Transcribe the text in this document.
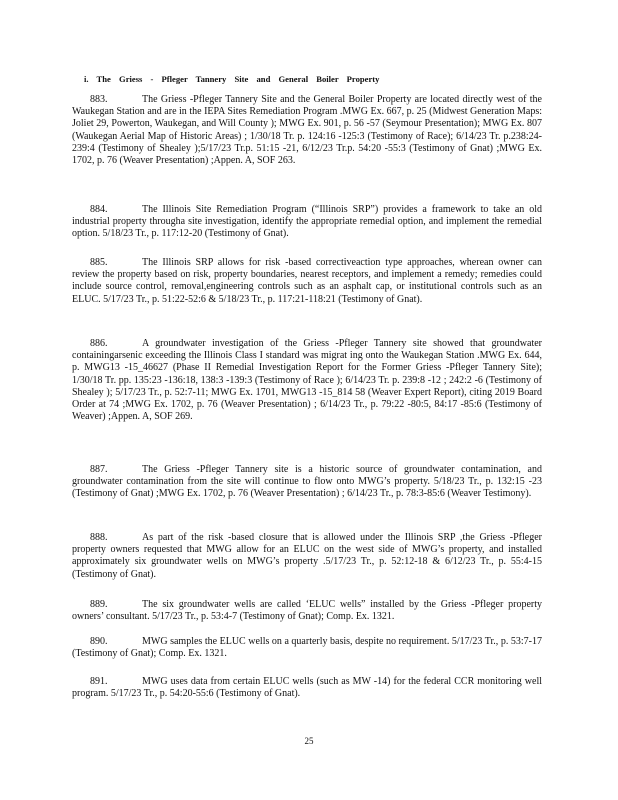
i. The Griess - Pfleger Tannery Site and General Boiler Property

883.	The Griess -Pfleger Tannery Site and the General Boiler Property are located directly west of the Waukegan Station and are in the IEPA Sites Remediation Program .MWG Ex. 667, p. 25 (Midwest Generation Maps: Joliet 29, Powerton, Waukegan, and Will County ); MWG Ex. 901, p. 56 -57 (Seymour Presentation); MWG Ex. 807 (Waukegan Aerial Map of Historic Areas) ; 1/30/18 Tr. p. 124:16 -125:3 (Testimony of Race); 6/14/23 Tr. p.238:24-239:4 (Testimony of Shealey );5/17/23 Tr.p. 51:15 -21, 6/12/23 Tr.p. 54:20 -55:3 (Testimony of Gnat) ;MWG Ex. 1702, p. 76 (Weaver Presentation) ;Appen. A, SOF 263.

884.	The Illinois Site Remediation Program (“Illinois SRP”) provides a framework to take an old industrial property througha site investigation, identify the appropriate remedial option, and implement the remedial option. 5/18/23 Tr., p. 117:12-20 (Testimony of Gnat).

885.	The Illinois SRP allows for risk -based correctiveaction type approaches, wherean owner can review the property based on risk, property boundaries, nearest receptors, and implement a remedy; remedies could include source control, removal,engineering controls such as an asphalt cap, or institutional controls such as an ELUC. 5/17/23 Tr., p. 51:22-52:6 & 5/18/23 Tr., p. 117:21-118:21 (Testimony of Gnat).

886.	A groundwater investigation of the Griess -Pfleger Tannery site showed that groundwater containingarsenic exceeding the Illinois Class I standard was migrat ing onto the Waukegan Station .MWG Ex. 644, p. MWG13 -15_46627 (Phase II Remedial Investigation Report for the Former Griess -Pfleger Tannery Site); 1/30/18 Tr. pp. 135:23 -136:18, 138:3 -139:3 (Testimony of Race ); 6/14/23 Tr. p. 239:8 -12 ; 242:2 -6 (Testimony of Shealey ); 5/17/23 Tr., p. 52:7-11; MWG Ex. 1701, MWG13 -15_814 58 (Weaver Expert Report), citing 2019 Board Order at 74 ;MWG Ex. 1702, p. 76 (Weaver Presentation) ; 6/14/23 Tr., p. 79:22 -80:5, 84:17 -85:6 (Testimony of Weaver) ;Appen. A, SOF 269.

887.	The Griess -Pfleger Tannery site is a historic source of groundwater contamination, and groundwater contamination from the site will continue to flow onto MWG’s property. 5/18/23 Tr., p. 132:15 -23 (Testimony of Gnat) ;MWG Ex. 1702, p. 76 (Weaver Presentation) ; 6/14/23 Tr., p. 78:3-85:6 (Weaver Testimony).

888.	As part of the risk -based closure that is allowed under the Illinois SRP ,the Griess -Pfleger property owners requested that MWG allow for an ELUC on the west side of MWG’s property, and installed approximately six groundwater wells on MWG’s property .5/17/23 Tr., p. 52:12-18 & 6/12/23 Tr., p. 55:4-15 (Testimony of Gnat).

889.	The six groundwater wells are called ‘ELUC wells” installed by the Griess -Pfleger property owners’ consultant. 5/17/23 Tr., p. 53:4-7 (Testimony of Gnat); Comp. Ex. 1321.

890.	MWG samples the ELUC wells on a quarterly basis, despite no requirement. 5/17/23 Tr., p. 53:7-17 (Testimony of Gnat); Comp. Ex. 1321.

891.	MWG uses data from certain ELUC wells (such as MW -14) for the federal CCR monitoring well program. 5/17/23 Tr., p. 54:20-55:6 (Testimony of Gnat).

25
